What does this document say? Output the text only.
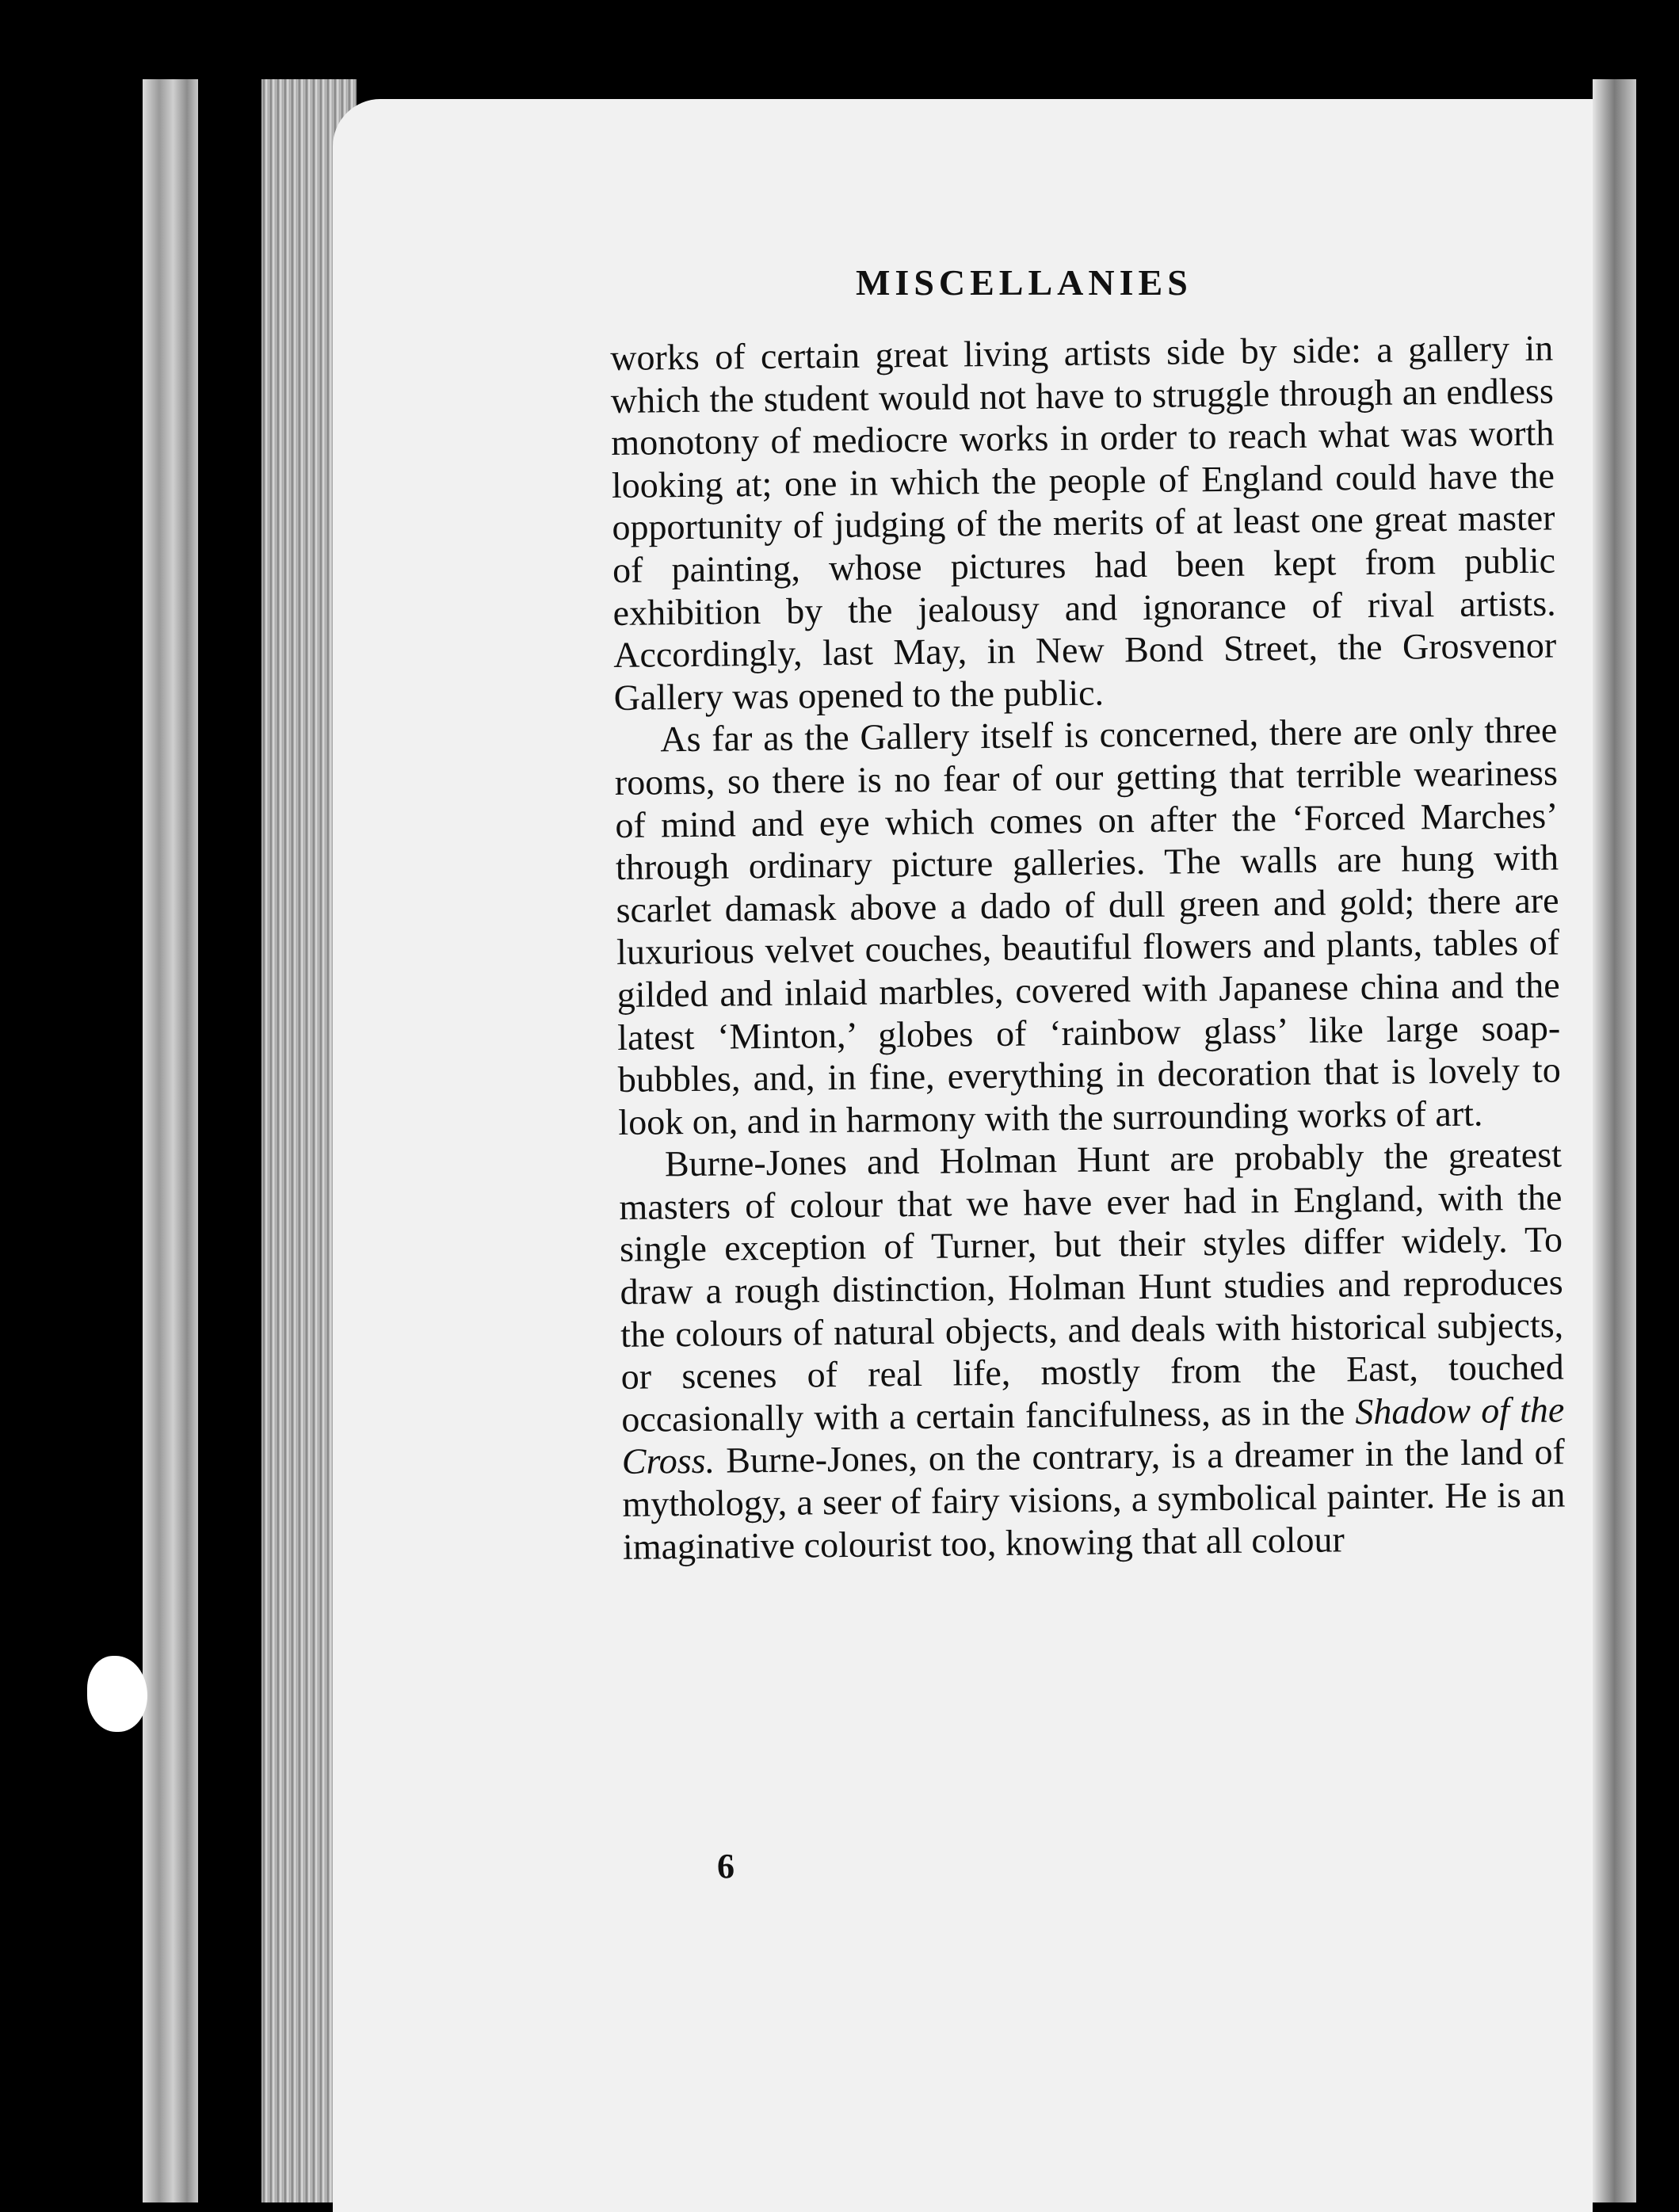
MISCELLANIES

works of certain great living artists side by side: a gallery in which the student would not have to struggle through an endless monotony of mediocre works in order to reach what was worth looking at; one in which the people of England could have the opportunity of judging of the merits of at least one great master of painting, whose pictures had been kept from public exhibition by the jealousy and ignorance of rival artists. Accordingly, last May, in New Bond Street, the Grosvenor Gallery was opened to the public.

As far as the Gallery itself is concerned, there are only three rooms, so there is no fear of our getting that terrible weariness of mind and eye which comes on after the ‘Forced Marches’ through ordinary picture galleries. The walls are hung with scarlet damask above a dado of dull green and gold; there are luxurious velvet couches, beautiful flowers and plants, tables of gilded and inlaid marbles, covered with Japanese china and the latest ‘Minton,’ globes of ‘rainbow glass’ like large soap-bubbles, and, in fine, everything in decoration that is lovely to look on, and in harmony with the surrounding works of art.

Burne-Jones and Holman Hunt are probably the greatest masters of colour that we have ever had in England, with the single exception of Turner, but their styles differ widely. To draw a rough distinction, Holman Hunt studies and reproduces the colours of natural objects, and deals with historical subjects, or scenes of real life, mostly from the East, touched occasionally with a certain fancifulness, as in the Shadow of the Cross. Burne-Jones, on the contrary, is a dreamer in the land of mythology, a seer of fairy visions, a symbolical painter. He is an imaginative colourist too, knowing that all colour

6
